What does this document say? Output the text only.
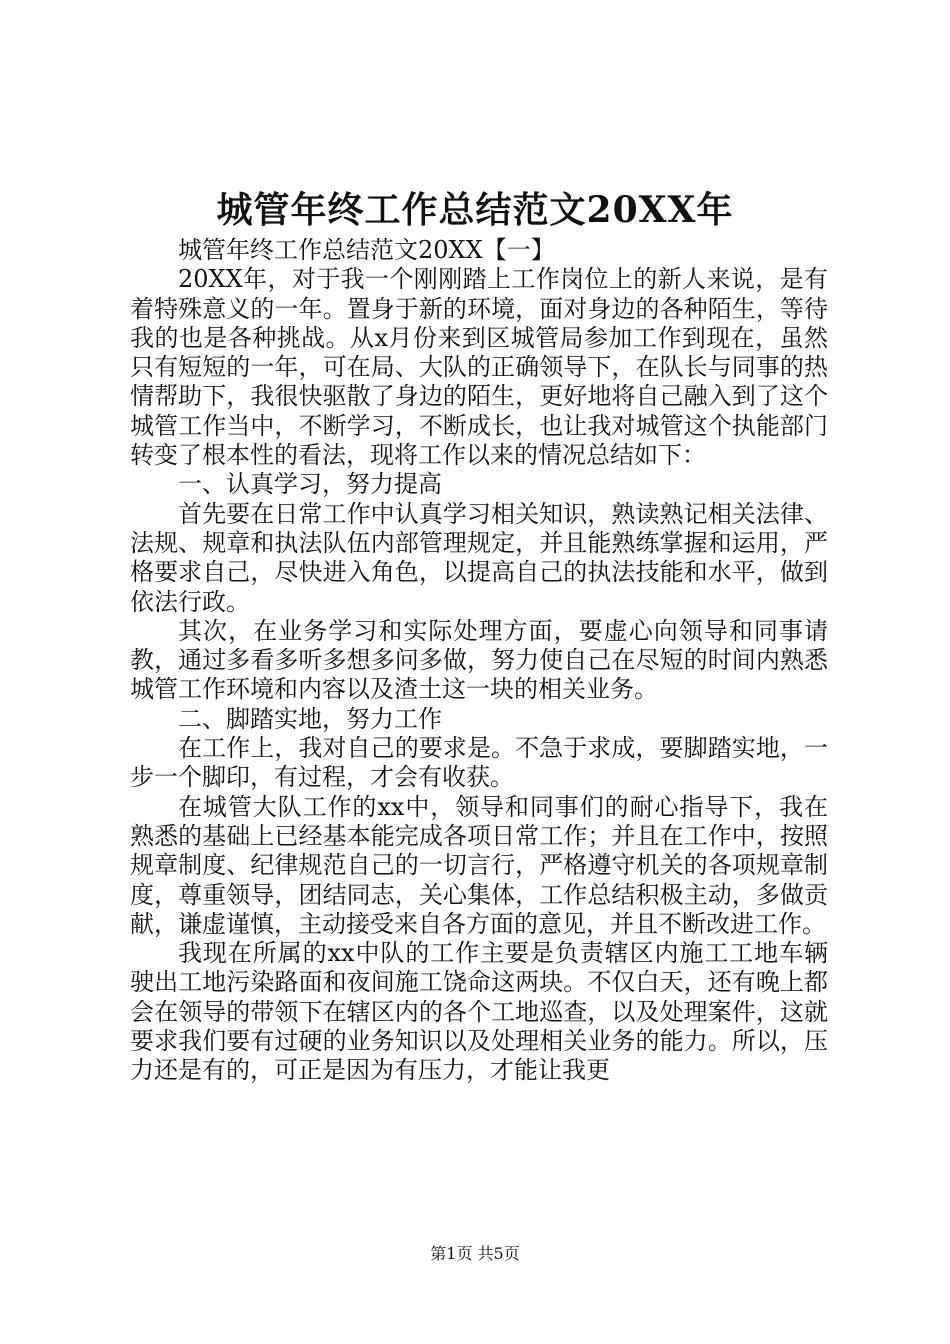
城管年终工作总结范文20XX年

城管年终工作总结范文20XX【一】

20XX年，对于我一个刚刚踏上工作岗位上的新人来说，是有着特殊意义的一年。置身于新的环境，面对身边的各种陌生，等待我的也是各种挑战。从x月份来到区城管局参加工作到现在，虽然只有短短的一年，可在局、大队的正确领导下，在队长与同事的热情帮助下，我很快驱散了身边的陌生，更好地将自己融入到了这个城管工作当中，不断学习，不断成长，也让我对城管这个执能部门转变了根本性的看法，现将工作以来的情况总结如下：

一、认真学习，努力提高

首先要在日常工作中认真学习相关知识，熟读熟记相关法律、法规、规章和执法队伍内部管理规定，并且能熟练掌握和运用，严格要求自己，尽快进入角色，以提高自己的执法技能和水平，做到依法行政。

其次，在业务学习和实际处理方面，要虚心向领导和同事请教，通过多看多听多想多问多做，努力使自己在尽短的时间内熟悉城管工作环境和内容以及渣土这一块的相关业务。

二、脚踏实地，努力工作

在工作上，我对自己的要求是。不急于求成，要脚踏实地，一步一个脚印，有过程，才会有收获。

在城管大队工作的xx中，领导和同事们的耐心指导下，我在熟悉的基础上已经基本能完成各项日常工作；并且在工作中，按照规章制度、纪律规范自己的一切言行，严格遵守机关的各项规章制度，尊重领导，团结同志，关心集体，工作总结积极主动，多做贡献，谦虚谨慎，主动接受来自各方面的意见，并且不断改进工作。

我现在所属的xx中队的工作主要是负责辖区内施工工地车辆驶出工地污染路面和夜间施工饶命这两块。不仅白天，还有晚上都会在领导的带领下在辖区内的各个工地巡查，以及处理案件，这就要求我们要有过硬的业务知识以及处理相关业务的能力。所以，压力还是有的，可正是因为有压力，才能让我更

第1页 共5页
